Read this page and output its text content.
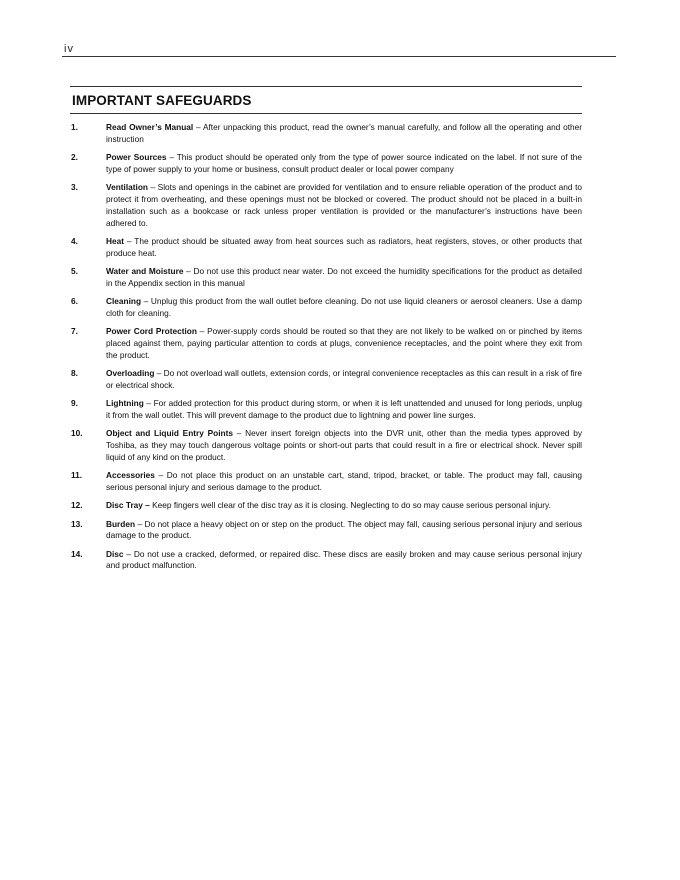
iv
IMPORTANT SAFEGUARDS
1.	Read Owner’s Manual – After unpacking this product, read the owner’s manual carefully, and follow all the operating and other instruction
2.	Power Sources – This product should be operated only from the type of power source indicated on the label. If not sure of the type of power supply to your home or business, consult product dealer or local power company
3.	Ventilation – Slots and openings in the cabinet are provided for ventilation and to ensure reliable operation of the product and to protect it from overheating, and these openings must not be blocked or covered. The product should not be placed in a built-in installation such as a bookcase or rack unless proper ventilation is provided or the manufacturer’s instructions have been adhered to.
4.	Heat – The product should be situated away from heat sources such as radiators, heat registers, stoves, or other products that produce heat.
5.	Water and Moisture – Do not use this product near water. Do not exceed the humidity specifications for the product as detailed in the Appendix section in this manual
6.	Cleaning – Unplug this product from the wall outlet before cleaning. Do not use liquid cleaners or aerosol cleaners. Use a damp cloth for cleaning.
7.	Power Cord Protection – Power-supply cords should be routed so that they are not likely to be walked on or pinched by items placed against them, paying particular attention to cords at plugs, convenience receptacles, and the point where they exit from the product.
8.	Overloading – Do not overload wall outlets, extension cords, or integral convenience receptacles as this can result in a risk of fire or electrical shock.
9.	Lightning – For added protection for this product during storm, or when it is left unattended and unused for long periods, unplug it from the wall outlet. This will prevent damage to the product due to lightning and power line surges.
10.	Object and Liquid Entry Points – Never insert foreign objects into the DVR unit, other than the media types approved by Toshiba, as they may touch dangerous voltage points or short-out parts that could result in a fire or electrical shock. Never spill liquid of any kind on the product.
11.	Accessories – Do not place this product on an unstable cart, stand, tripod, bracket, or table. The product may fall, causing serious personal injury and serious damage to the product.
12.	Disc Tray – Keep fingers well clear of the disc tray as it is closing. Neglecting to do so may cause serious personal injury.
13.	Burden – Do not place a heavy object on or step on the product. The object may fall, causing serious personal injury and serious damage to the product.
14.	Disc – Do not use a cracked, deformed, or repaired disc. These discs are easily broken and may cause serious personal injury and product malfunction.
